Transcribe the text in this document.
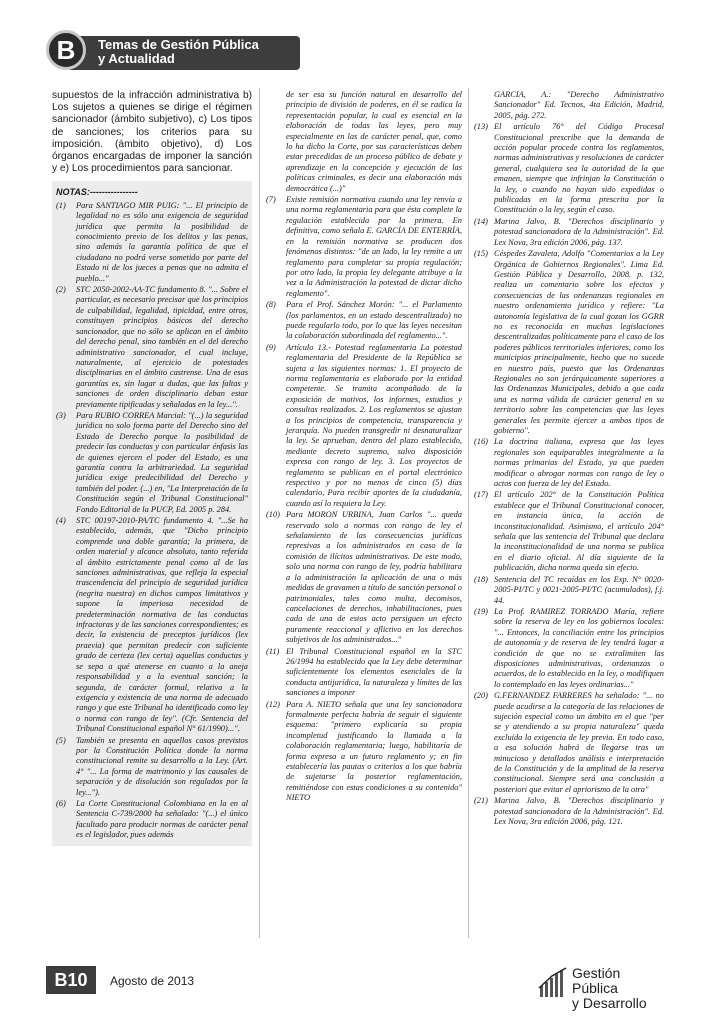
B	Temas de Gestión Pública
y Actualidad
supuestos de la infracción administrativa b) Los sujetos a quienes se dirige el régimen sancionador (ámbito subjetivo), c) Los tipos de sanciones; los criterios para su imposición. (ámbito objetivo), d) Los órganos encargadas de imponer la sanción y e) Los procedimientos para sancionar.
NOTAS:----------------
(1) Para SANTIAGO MIR PUIG: "... El principio de legalidad no es sólo una exigencia de seguridad jurídica que permita la posibilidad de conocimiento previo de los delitos y las penas, sino además la garantía política de que el ciudadano no podrá verse sometido por parte del Estado ni de los jueces a penas que no admita el pueblo..."
(2) STC 2050-2002-AA-TC fundamento 8. "... Sobre el particular, es necesario precisar que los principios de culpabilidad, legalidad, tipicidad, entre otros, constituyen principios básicos del derecho sancionador, que no sólo se aplican en el ámbito del derecho penal, sino también en el del derecho administrativo sancionador, el cual incluye, naturalmente, al ejercicio de potestades disciplinarias en el ámbito castrense. Una de esas garantías es, sin lugar a dudas, que las faltas y sanciones de orden disciplinario deban estar previamente tipificadas y señaladas en la ley...".
(3) Para RUBIO CORREA Marcial: "(...) la seguridad jurídica no solo forma parte del Derecho sino del Estado de Derecho porque la posibilidad de predecir las conductas y con particular énfasis las de quienes ejercen el poder del Estado, es una garantía contra la arbitrariedad. La seguridad jurídica exige predecibilidad del Derecho y también del poder. (...) en, "La Interpretación de la Constitución según el Tribunal Constitucional" Fondo Editorial de la PUCP, Ed. 2005 p. 284.
(4) STC 00197-2010-PA/TC fundamento 4. "...Se ha establecido, además, que "Dicho principio comprende una doble garantía; la primera, de orden material y alcance absoluto, tanto referida al ámbito estrictamente penal como al de las sanciones administrativas, que refleja la especial trascendencia del principio de seguridad jurídica (negrita nuestra) en dichos campos limitativos y supone la imperiosa necesidad de predeterminación normativa de las conductas infractoras y de las sanciones correspondientes; es decir, la existencia de preceptos jurídicos (lex praevia) que permitan predecir con suficiente grado de certeza (lex certa) aquellas conductas y se sepa a qué atenerse en cuanto a la aneja responsabilidad y a la eventual sanción; la segunda, de carácter formal, relativa a la exigencia y existencia de una norma de adecuado rango y que este Tribunal ha identificado como ley o norma con rango de ley". (Cfr. Sentencia del Tribunal Constitucional español N° 61/1990)...".
(5) También se presenta en aquellos casos previstos por la Constitución Política donde la norma constitucional remite su desarrollo a la Ley. (Art. 4° "... La forma de matrimonio y las causales de separación y de disolución son regulados por la ley...").
(6) La Corte Constitucional Colombiana en la en al Sentencia C-739/2000 ha señalado: "(...) el único facultado para producir normas de carácter penal es el legislador, pues además
de ser esa su función natural en desarrollo del principio de división de poderes, en él se radica la representación popular, la cual es esencial en la elaboración de todas las leyes, pero muy especialmente en las de carácter penal, que, como lo ha dicho la Corte, por sus características deben estar precedidas de un proceso público de debate y aprendizaje en la concepción y ejecución de las políticas criminales, es decir una elaboración más democrática (...)"
(7) Existe remisión normativa cuando una ley renvía a una norma reglamentaria para que ésta complete la regulación establecida por la primera. En definitiva, como señala E. GARCÍA DE ENTERRÍA, en la remisión normativa se producen dos fenómenos distintos: "de un lado, la ley remite a un reglamento para completar su propia regulación; por otro lado, la propia ley delegante atribuye a la vez a la Administración la potestad de dictar dicho reglamento".
(8) Para el Prof. Sánchez Morón: "... el Parlamento (los parlamentos, en un estado descentralizado) no puede regularlo todo, por lo que las leyes necesitan la colaboración subordinada del reglamento...".
(9) Artículo 13.- Potestad reglamentaria La potestad reglamentaria del Presidente de la República se sujeta a las siguientes normas: 1. El proyecto de norma reglamentaria es elaborado por la entidad competente. Se tramita acompañado de la exposición de motivos, los informes, estudios y consultas realizados. 2. Los reglamentos se ajustan a los principios de competencia, transparencia y jerarquía. No pueden transgredir ni desnaturalizar la ley. Se aprueban, dentro del plazo establecido, mediante decreto supremo, salvo disposición expresa con rango de ley. 3. Los proyectos de reglamento se publican en el portal electrónico respectivo y por no menos de cinco (5) días calendario, Para recibir aportes de la ciudadanía, cuando así lo requiera la Ley.
(10) Para MORON URBINA, Juan Carlos "... queda reservado solo a normas con rango de ley el señalamiento de las consecuencias jurídicas represivas a los administrados en caso de la comisión de ilícitos administrativos. De este modo, solo una norma con rango de ley, podría habilitara a la administración la aplicación de una o más medidas de gravamen a título de sanción personal o patrimoniales, tales como multa, decomisos, cancelaciones de derechos, inhabilitaciones, pues cada de una de estos acto persiguen un efecto puramente reaccional y aflictivo en los derechos subjetivos de los administrados..."
(11) El Tribunal Constitucional español en la STC 26/1994 ha establecido que la Ley debe determinar suficientemente los elementos esenciales de la conducta antijurídica, la naturaleza y límites de las sanciones a imponer
(12) Para A. NIETO señala que una ley sancionadora formalmente perfecta habría de seguir el siguiente esquema: "primero explicaría su propia incompletud justificando la llamada a la colaboración reglamentaria; luego, habilitaría de forma expresa a un futuro reglamento y; en fin establecería las pautas o criterios a los que habría de sujetarse la posterior reglamentación, remitiéndose con estas condiciones a su contenido" NIETO
GARCIA, A.: "Derecho Administrativo Sancionador" Ed. Tecnos, 4ta Edición, Madrid, 2005, pág. 272.
(13) El artículo 76° del Código Procesal Constitucional prescribe que la demanda de acción popular procede contra los reglamentos, normas administrativas y resoluciones de carácter general, cualquiera sea la autoridad de la que emanen, siempre que infrinjan la Constitución o la ley, o cuando no hayan sido expedidas o publicadas en la forma prescrita por la Constitución o la ley, según el caso.
(14) Marina Jalvo, B. "Derechos disciplinario y potestad sancionadora de la Administración". Ed. Lex Nova, 3ra edición 2006, pág. 137.
(15) Céspedes Zavaleta, Adolfo "Comentarios a la Ley Orgánica de Gobiernos Regionales". Lima Ed. Gestión Pública y Desarrollo, 2008. p. 132, realiza un comentario sobre los efectos y consecuencias de las ordenanzas regionales en nuestro ordenamiento jurídico y refiere: "La autonomía legislativa de la cual gozan los GGRR no es reconocida en muchas legislaciones descentralizadas políticamente para el caso de los poderes públicos territoriales inferiores, como los municipios principalmente, hecho que no sucede en nuestro país, puesto que las Ordenanzas Regionales no son jerárquicamente superiores a las Ordenanzas Municipales, debido a que cada una es norma válida de carácter general en su territorio sobre las competencias que las leyes generales les permite ejercer a ambos tipos de gobierno".
(16) La doctrina italiana, expresa que las leyes regionales son equiparables integralmente a la normas primarias del Estado, ya que pueden modificar o abrogar normas con rango de ley o actos con fuerza de ley del Estado.
(17) El artículo 202° de la Constitución Política establece que el Tribunal Constitucional conocer, en instancia única, la acción de inconstitucionalidad. Asimismo, el artículo 204° señala que las sentencia del Tribunal que declara la inconstitucionalidad de una norma se publica en el diario oficial. Al día siguiente de la publicación, dicha norma queda sin efecto.
(18) Sentencia del TC recaídas en los Exp. N° 0020-2005-PI/TC y 0021-2005-PI/TC (acumulados), f.j. 44.
(19) La Prof. RAMIREZ TORRADO María, refiere sobre la reserva de ley en los gobiernos locales: "... Entonces, la conciliación entre los principios de autonomía y de reserva de ley tendrá lugar a condición de que no se extralimiten las disposiciones administrativas, ordenanzas o acuerdos, de lo establecido en la ley, o modifiquen lo contemplado en las leyes ordinarias..."
(20) G.FERNANDEZ FARRERES ha señalado: "... no puede acudirse a la categoría de las relaciones de sujeción especial como un ámbito en el que "per se y atendiendo a su propia naturaleza" queda excluida la exigencia de ley previa. En todo caso, a esa solución habrá de llegarse tras un minucioso y detallados análisis e interpretación de la Constitución y de la amplitud de la reserva constitucional. Siempre será una conclusión a posteriori que evitar el apriorismo de la otra"
(21) Marina Jalvo, B. "Derechos disciplinario y potestad sancionadora de la Administración". Ed. Lex Nova, 3ra edición 2006, pág. 121.
B10	Agosto de 2013	Gestión Pública
y Desarrollo
